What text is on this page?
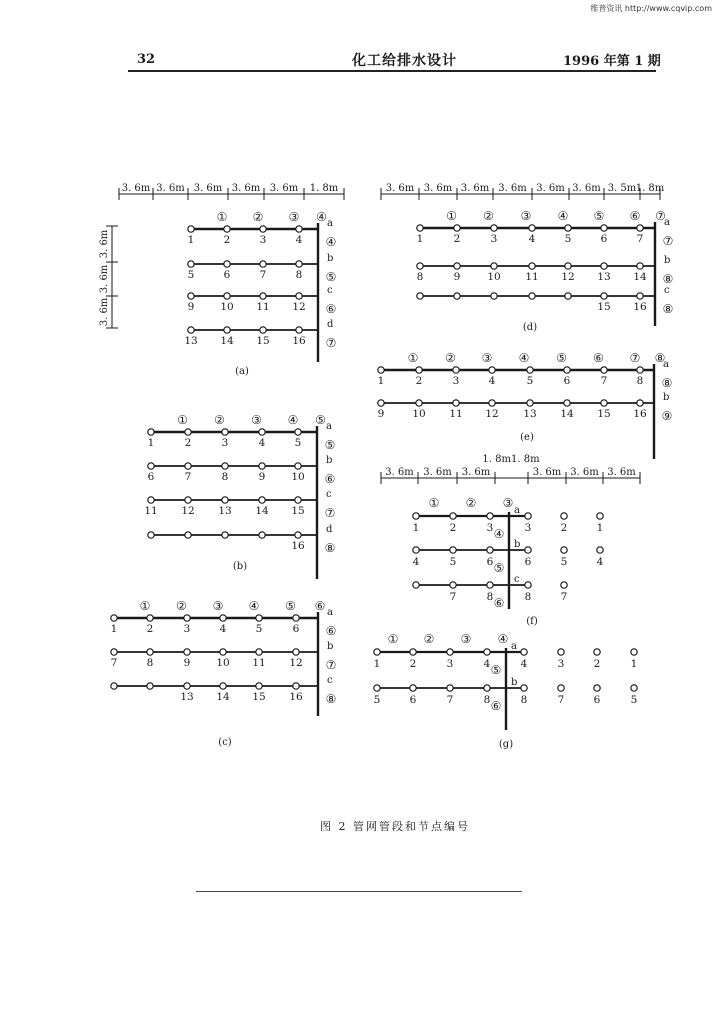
维普资讯 http://www.cqvip.com
32	化工给排水设计	1996 年第 1 期
1	2	3	4
a
④
5	6	7	8
b
⑤
9 10 11 12
c
⑥
13 14 15 16
d
⑦
① ② ③ ④
(a)
3. 6m 3. 6m 3. 6m 3. 6m 3. 6m 1. 8m
3. 6m
3. 6m
3. 6m
1	2	3	4	5
a
⑤
6	7	8	9 10
b
⑥
11 12 13 14 15
c
⑦
16
d
⑧
① ② ③ ④ ⑤
(b)
1	2	3	4	5	6
a
⑥
7	8	9 10 11 12
b
⑦
13 14 15 16
c
⑧
① ② ③ ④ ⑤ ⑥
(c)
1	2	3	4	5	6	7
a
⑦
8	9	10 11 12 13 14
b
⑧
15 16
c
⑧
① ② ③ ④ ⑤ ⑥ ⑦
(d)
3. 6m 3. 6m 3. 6m 3. 6m 3. 6m 3. 6m 3. 5m 1. 8m
1	2	3	4	5	6	7	8
a
⑧
9	10 11 12 13 14 15 16
b
⑨
① ② ③ ④ ⑤ ⑥ ⑦ ⑧
(e)
1	2	3	3	2	1
a
④
4	5	6	6	5	4
b
⑤
7	8	8	7
c
⑥
① ② ③
(f)
3. 6m 3. 6m 3. 6m	3. 6m 3. 6m 3. 6m
1. 8m1. 8m
1	2	3	4	4	3	2	1
a
⑤
5	6	7	8	8	7	6	5
b
⑥
① ② ③ ④
(g)
图 2 管网管段和节点编号
